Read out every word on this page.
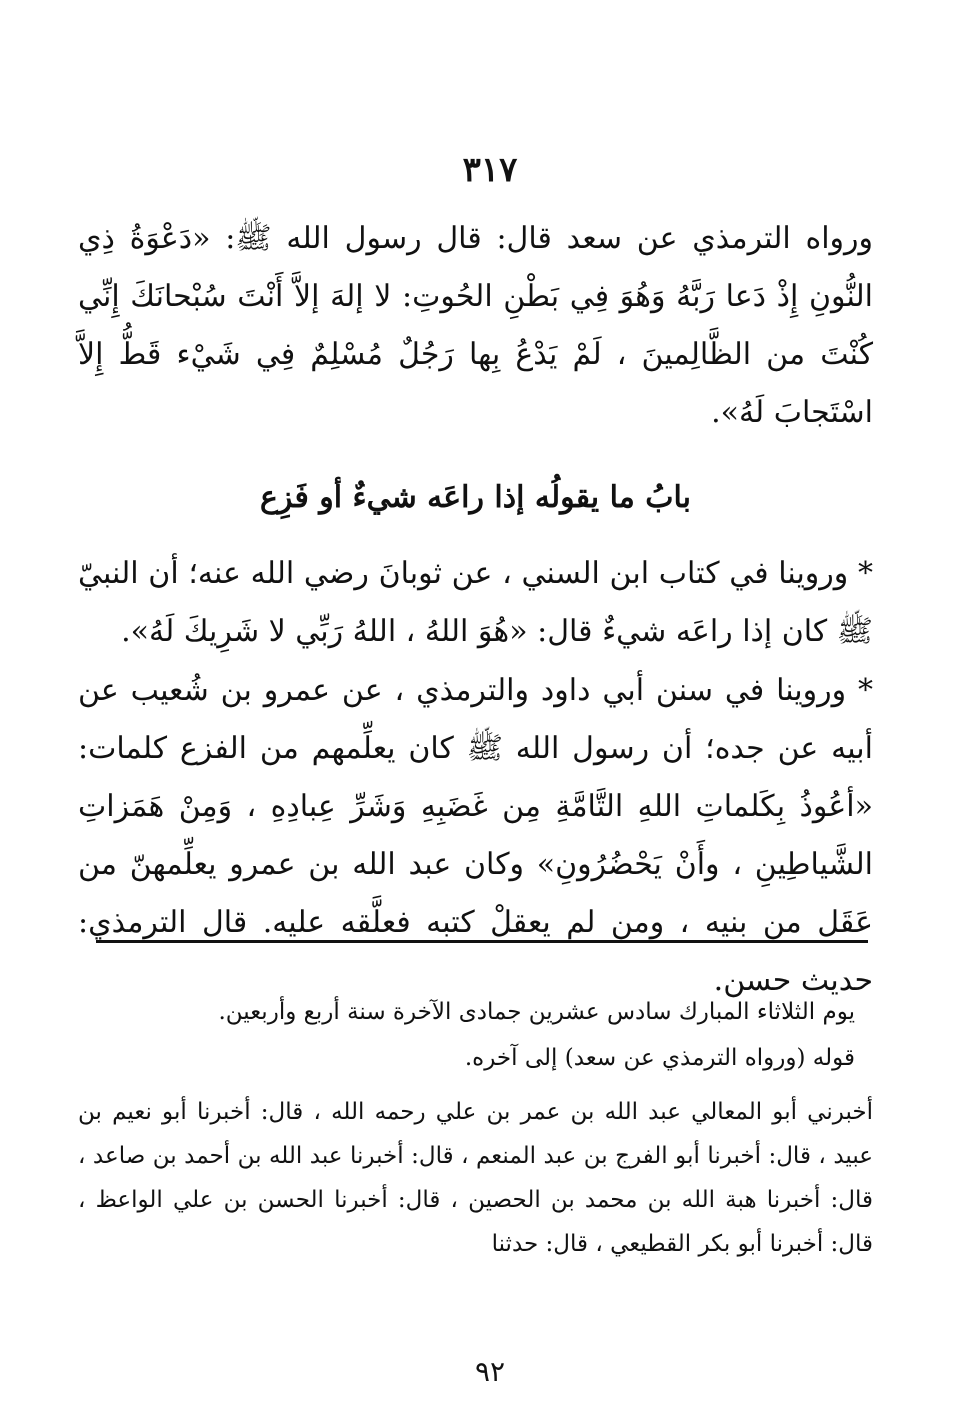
٣١٧
ورواه الترمذي عن سعد قال: قال رسول الله ﷺ: «دَعْوَةُ ذِي النُّونِ إِذْ دَعا رَبَّهُ وَهُوَ فِي بَطْنِ الحُوتِ: لا إلهَ إلاَّ أَنْتَ سُبْحانَكَ إِنِّي كُنْتَ من الظَّالِمينَ ، لَمْ يَدْعُ بِها رَجُلٌ مُسْلِمٌ فِي شَيْء قَطُّ إِلاَّ اسْتَجابَ لَهُ».
بابُ ما يقولُه إذا راعَه شيءٌ أو فَزِع
* وروينا في كتاب ابن السني ، عن ثوبانَ رضي الله عنه؛ أن النبيّ ﷺ كان إذا راعَه شيءٌ قال: «هُوَ اللهُ ، اللهُ رَبِّي لا شَرِيكَ لَهُ».
* وروينا في سنن أبي داود والترمذي ، عن عمرو بن شُعيب عن أبيه عن جده؛ أن رسول الله ﷺ كان يعلِّمهم من الفزع كلمات: «أعُوذُ بِكَلماتِ اللهِ التَّامَّةِ مِن غَضَبِهِ وَشَرِّ عِبادِهِ ، وَمِنْ هَمَزاتِ الشَّياطِينِ ، وأَنْ يَحْضُرُونِ» وكان عبد الله بن عمرو يعلِّمهنّ من عَقَل من بنيه ، ومن لم يعقلْ كتبه فعلَّقه عليه. قال الترمذي: حديث حسن.
يوم الثلاثاء المبارك سادس عشرين جمادى الآخرة سنة أربع وأربعين.
قوله (ورواه الترمذي عن سعد) إلى آخره.
أخبرني أبو المعالي عبد الله بن عمر بن علي رحمه الله ، قال: أخبرنا أبو نعيم بن عبيد ، قال: أخبرنا أبو الفرج بن عبد المنعم ، قال: أخبرنا عبد الله بن أحمد بن صاعد ، قال: أخبرنا هبة الله بن محمد بن الحصين ، قال: أخبرنا الحسن بن علي الواعظ ، قال: أخبرنا أبو بكر القطيعي ، قال: حدثنا
٩٢
